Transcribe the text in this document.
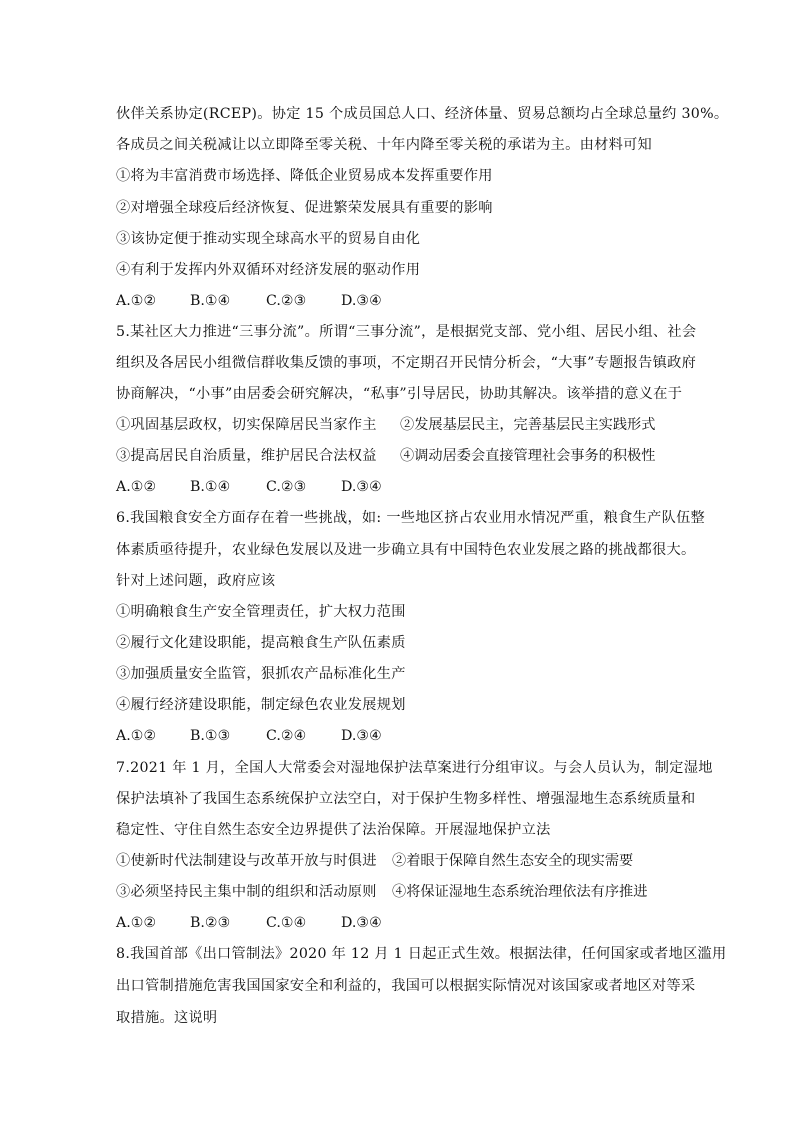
伙伴关系协定(RCEP)。协定 15 个成员国总人口、经济体量、贸易总额均占全球总量约 30%。
各成员之间关税减让以立即降至零关税、十年内降至零关税的承诺为主。由材料可知
①将为丰富消费市场选择、降低企业贸易成本发挥重要作用
②对增强全球疫后经济恢复、促进繁荣发展具有重要的影响
③该协定便于推动实现全球高水平的贸易自由化
④有利于发挥内外双循环对经济发展的驱动作用
A.①② B.①④	C.②③ D.③④
5.某社区大力推进“三事分流”。所谓“三事分流”，是根据党支部、党小组、居民小组、社会
组织及各居民小组微信群收集反馈的事项，不定期召开民情分析会，“大事”专题报告镇政府
协商解决，“小事”由居委会研究解决，“私事”引导居民，协助其解决。该举措的意义在于
①巩固基层政权，切实保障居民当家作主 ②发展基层民主，完善基层民主实践形式
③提高居民自治质量，维护居民合法权益 ④调动居委会直接管理社会事务的积极性
A.①② B.①④	C.②③ D.③④
6.我国粮食安全方面存在着一些挑战，如: 一些地区挤占农业用水情况严重，粮食生产队伍整
体素质亟待提升，农业绿色发展以及进一步确立具有中国特色农业发展之路的挑战都很大。
针对上述问题，政府应该
①明确粮食生产安全管理责任，扩大权力范围
②履行文化建设职能，提高粮食生产队伍素质
③加强质量安全监管，狠抓农产品标准化生产
④履行经济建设职能，制定绿色农业发展规划
A.①② B.①③	C.②④ D.③④
7.2021 年 1 月，全国人大常委会对湿地保护法草案进行分组审议。与会人员认为，制定湿地
保护法填补了我国生态系统保护立法空白，对于保护生物多样性、增强湿地生态系统质量和
稳定性、守住自然生态安全边界提供了法治保障。开展湿地保护立法
①使新时代法制建设与改革开放与时俱进 ②着眼于保障自然生态安全的现实需要
③必须坚持民主集中制的组织和活动原则 ④将保证湿地生态系统治理依法有序推进
A.①② B.②③	C.①④ D.③④
8.我国首部《出口管制法》2020 年 12 月 1 日起正式生效。根据法律，任何国家或者地区滥用
出口管制措施危害我国国家安全和利益的，我国可以根据实际情况对该国家或者地区对等采
取措施。这说明
